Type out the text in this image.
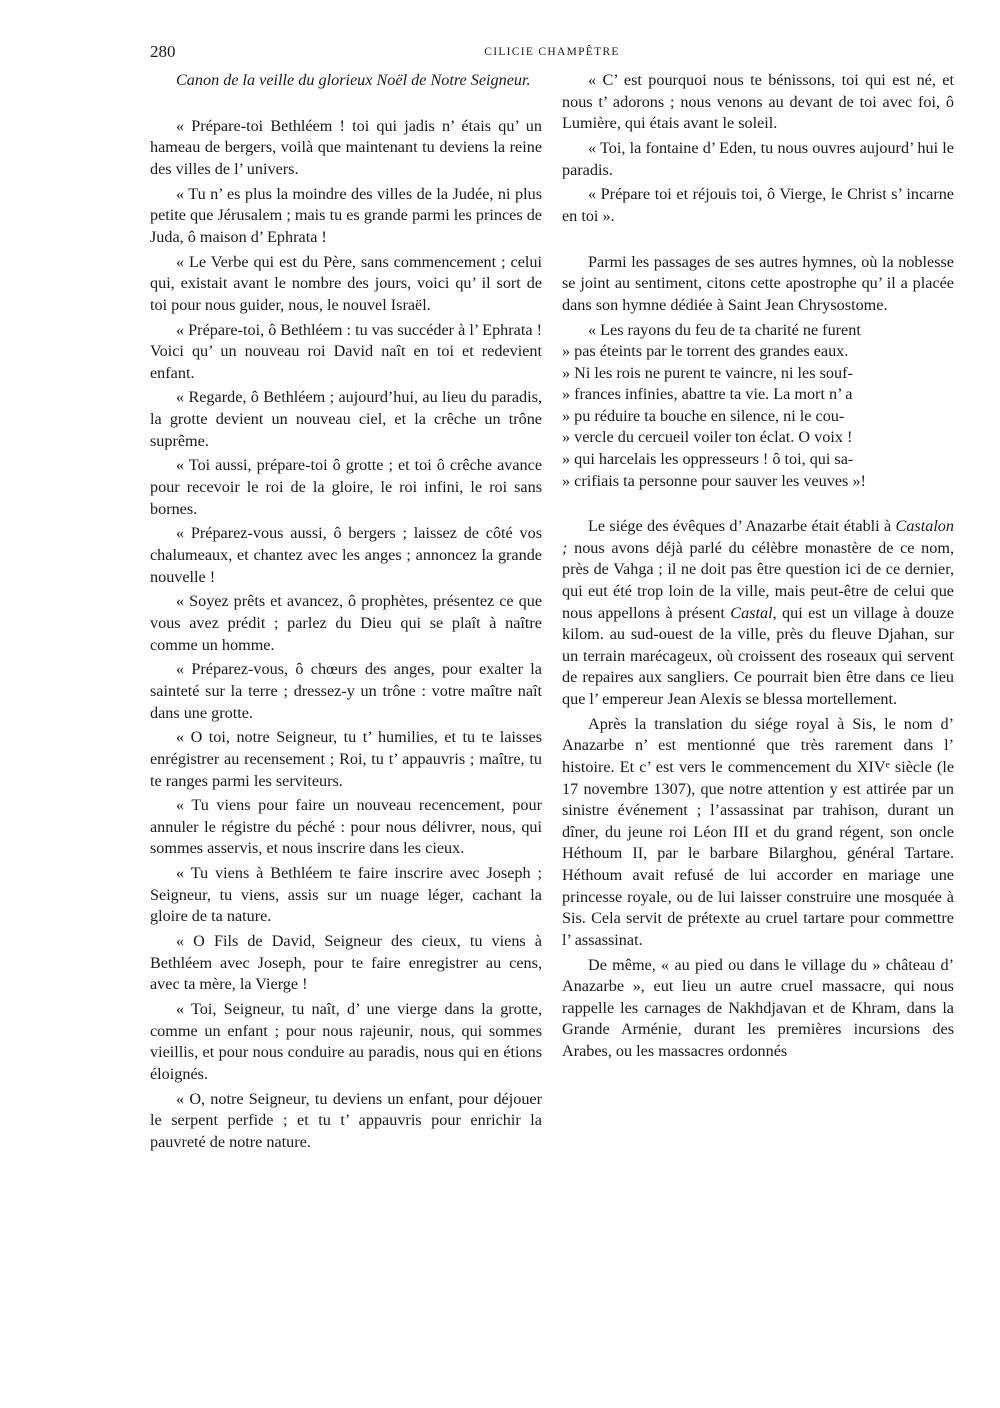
280	CILICIE CHAMPÊTRE

Canon de la veille du glorieux Noël de Notre Seigneur.

« Prépare-toi Bethléem ! toi qui jadis n’ étais qu’ un hameau de bergers, voilà que maintenant tu deviens la reine des villes de l’ univers.

« Tu n’ es plus la moindre des villes de la Judée, ni plus petite que Jérusalem ; mais tu es grande parmi les princes de Juda, ô maison d’ Ephrata !

« Le Verbe qui est du Père, sans commencement ; celui qui, existait avant le nombre des jours, voici qu’ il sort de toi pour nous guider, nous, le nouvel Israël.

« Prépare-toi, ô Bethléem : tu vas succéder à l’ Ephrata ! Voici qu’ un nouveau roi David naît en toi et redevient enfant.

« Regarde, ô Bethléem ; aujourd’hui, au lieu du paradis, la grotte devient un nouveau ciel, et la crêche un trône suprême.

« Toi aussi, prépare-toi ô grotte ; et toi ô crêche avance pour recevoir le roi de la gloire, le roi infini, le roi sans bornes.

« Préparez-vous aussi, ô bergers ; laissez de côté vos chalumeaux, et chantez avec les anges ; annoncez la grande nouvelle !

« Soyez prêts et avancez, ô prophètes, présentez ce que vous avez prédit ; parlez du Dieu qui se plaît à naître comme un homme.

« Préparez-vous, ô chœurs des anges, pour exalter la sainteté sur la terre ; dressez-y un trône : votre maître naît dans une grotte.

« O toi, notre Seigneur, tu t’ humilies, et tu te laisses enrégistrer au recensement ; Roi, tu t’ appauvris ; maître, tu te ranges parmi les serviteurs.

« Tu viens pour faire un nouveau recencement, pour annuler le régistre du péché : pour nous délivrer, nous, qui sommes asservis, et nous inscrire dans les cieux.

« Tu viens à Bethléem te faire inscrire avec Joseph ; Seigneur, tu viens, assis sur un nuage léger, cachant la gloire de ta nature.

« O Fils de David, Seigneur des cieux, tu viens à Bethléem avec Joseph, pour te faire enregistrer au cens, avec ta mère, la Vierge !

« Toi, Seigneur, tu naît, d’ une vierge dans la grotte, comme un enfant ; pour nous rajeunir, nous, qui sommes vieillis, et pour nous conduire au paradis, nous qui en étions éloignés.

« O, notre Seigneur, tu deviens un enfant, pour déjouer le serpent perfide ; et tu t’ appauvris pour enrichir la pauvreté de notre nature.

« C’ est pourquoi nous te bénissons, toi qui est né, et nous t’ adorons ; nous venons au devant de toi avec foi, ô Lumière, qui étais avant le soleil.

« Toi, la fontaine d’ Eden, tu nous ouvres aujourd’ hui le paradis.

« Prépare toi et réjouis toi, ô Vierge, le Christ s’ incarne en toi ».

Parmi les passages de ses autres hymnes, où la noblesse se joint au sentiment, citons cette apostrophe qu’ il a placée dans son hymne dédiée à Saint Jean Chrysostome.

« Les rayons du feu de ta charité ne furent

» pas éteints par le torrent des grandes eaux.

» Ni les rois ne purent te vaincre, ni les souf-

» frances infinies, abattre ta vie. La mort n’ a

» pu réduire ta bouche en silence, ni le cou-

» vercle du cercueil voiler ton éclat. O voix !

» qui harcelais les oppresseurs ! ô toi, qui sa-

» crifiais ta personne pour sauver les veuves »!

Le siége des évêques d’ Anazarbe était établi à Castalon ; nous avons déjà parlé du célèbre monastère de ce nom, près de Vahga ; il ne doit pas être question ici de ce dernier, qui eut été trop loin de la ville, mais peut-être de celui que nous appellons à présent Castal, qui est un village à douze kilom. au sud-ouest de la ville, près du fleuve Djahan, sur un terrain marécageux, où croissent des roseaux qui servent de repaires aux sangliers. Ce pourrait bien être dans ce lieu que l’ empereur Jean Alexis se blessa mortellement.

Après la translation du siége royal à Sis, le nom d’ Anazarbe n’ est mentionné que très rarement dans l’ histoire. Et c’ est vers le commencement du XIVᵉ siècle (le 17 novembre 1307), que notre attention y est attirée par un sinistre événement ; l’assassinat par trahison, durant un dîner, du jeune roi Léon III et du grand régent, son oncle Héthoum II, par le barbare Bilarghou, général Tartare. Héthoum avait refusé de lui accorder en mariage une princesse royale, ou de lui laisser construire une mosquée à Sis. Cela servit de prétexte au cruel tartare pour commettre l’ assassinat.

De même, « au pied ou dans le village du » château d’ Anazarbe », eut lieu un autre cruel massacre, qui nous rappelle les carnages de Nakhdjavan et de Khram, dans la Grande Arménie, durant les premières incursions des Arabes, ou les massacres ordonnés
